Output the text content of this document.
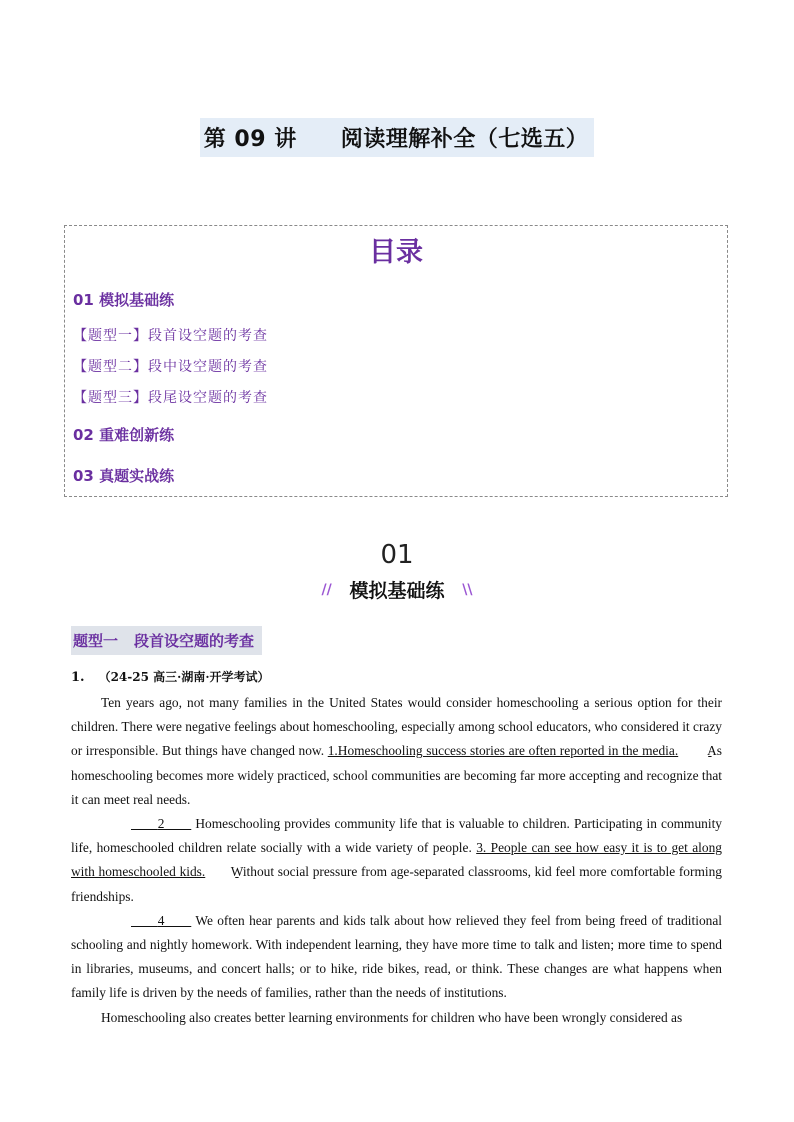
第 09 讲 阅读理解补全（七选五）
目录
01 模拟基础练
【题型一】段首设空题的考查
【题型二】段中设空题的考查
【题型三】段尾设空题的考查
02 重难创新练
03 真题实战练
01
// 模拟基础练 \\
题型一 段首设空题的考查
1. （24-25 高三·湖南·开学考试）

Ten years ago, not many families in the United States would consider homeschooling a serious option for their children. There were negative feelings about homeschooling, especially among school educators, who considered it crazy or irresponsible. But things have changed now. 1.Homeschooling success stories are often reported in the media.  As homeschooling becomes more widely practiced, school communities are becoming far more accepting and recognize that it can meet real needs.

2         Homeschooling provides community life that is valuable to children. Participating in community life, homeschooled children relate socially with a wide variety of people. 3. People can see how easy it is to get along with homeschooled kids.  Without social pressure from age-separated classrooms, kid feel more comfortable forming friendships.

4         We often hear parents and kids talk about how relieved they feel from being freed of traditional schooling and nightly homework. With independent learning, they have more time to talk and listen; more time to spend in libraries, museums, and concert halls; or to hike, ride bikes, read, or think. These changes are what happens when family life is driven by the needs of families, rather than the needs of institutions.

Homeschooling also creates better learning environments for children who have been wrongly considered as
